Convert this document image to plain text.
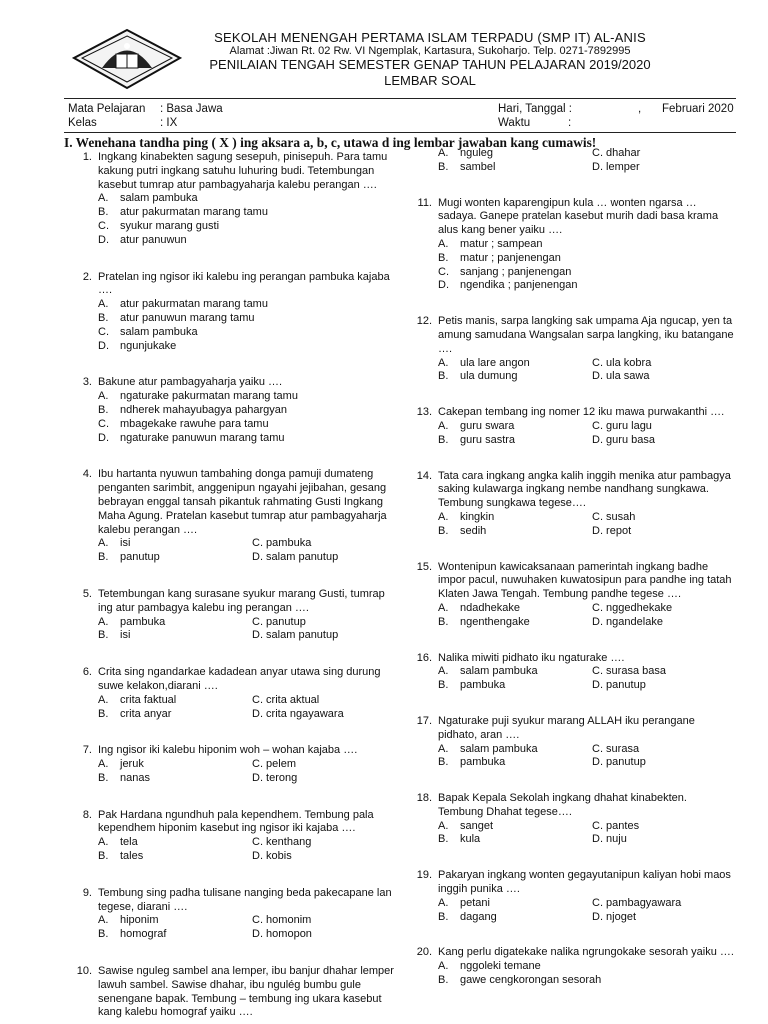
SEKOLAH MENENGAH PERTAMA ISLAM TERPADU (SMP IT) AL-ANIS
Alamat :Jiwan Rt. 02 Rw. VI Ngemplak, Kartasura, Sukoharjo. Telp. 0271-7892995
PENILAIAN TENGAH SEMESTER GENAP TAHUN PELAJARAN 2019/2020
LEMBAR SOAL
Mata Pelajaran : Basa Jawa
Kelas	: IX
Hari, Tanggal :	, Februari 2020
Waktu	:
I. Wenehana tandha ping ( X ) ing aksara a, b, c, utawa d ing lembar jawaban kang cumawis!
1. Ingkang kinabekten sagung sesepuh, pinisepuh. Para tamu kakung putri ingkang satuhu luhuring budi. Tetembungan kasebut tumrap atur pambagyaharja kalebu perangan ….
A.	salam pambuka
B.	atur pakurmatan marang tamu
C.	syukur marang gusti
D.	atur panuwun
2. Pratelan ing ngisor iki kalebu ing perangan pambuka kajaba ….
A.	atur pakurmatan marang tamu
B.	atur panuwun marang tamu
C.	salam pambuka
D.	ngunjukake
3. Bakune atur pambagyaharja yaiku ….
A.	ngaturake pakurmatan marang tamu
B.	ndherek mahayubagya pahargyan
C.	mbagekake rawuhe para tamu
D.	ngaturake panuwun marang tamu
4. Ibu hartanta nyuwun tambahing donga pamuji dumateng penganten sarimbit, anggenipun ngayahi jejibahan, gesang bebrayan enggal tansah pikantuk rahmating Gusti Ingkang Maha Agung. Pratelan kasebut tumrap atur pambagyaharja kalebu perangan ….
A.	isi	C. pambuka
B.	panutup	D. salam panutup
5. Tetembungan kang surasane syukur marang Gusti, tumrap ing atur pambagya kalebu ing perangan ….
A.	pambuka	C. panutup
B.	isi	D. salam panutup
6. Crita sing ngandarkae kadadean anyar utawa sing durung suwe kelakon,diarani ….
A.	crita faktual	C. crita aktual
B.	crita anyar	D. crita ngayawara
7. Ing ngisor iki kalebu hiponim woh – wohan kajaba ….
A.	jeruk	C. pelem
B.	nanas	D. terong
8. Pak Hardana ngundhuh pala kependhem. Tembung pala kependhem hiponim kasebut ing ngisor iki kajaba ….
A.	tela	C. kenthang
B.	tales	D. kobis
9. Tembung sing padha tulisane nanging beda pakecapane lan tegese, diarani ….
A.	hiponim	C. homonim
B.	homograf	D. homopon
10. Sawise nguleg sambel ana lemper, ibu banjur dhahar lemper lawuh sambel. Sawise dhahar, ibu ngulég bumbu gule senengane bapak. Tembung – tembung ing ukara kasebut kang kalebu homograf yaiku ….
A.	nguleg	C. dhahar
B.	sambel	D. lemper
11. Mugi wonten kaparengipun kula … wonten ngarsa … sadaya. Ganepe pratelan kasebut murih dadi basa krama alus kang bener yaiku ….
A.	matur ; sampean
B.	matur ; panjenengan
C.	sanjang ; panjenengan
D.	ngendika ; panjenengan
12. Petis manis, sarpa langking sak umpama Aja ngucap, yen ta amung samudana Wangsalan sarpa langking, iku batangane ….
A.	ula lare angon	C. ula kobra
B.	ula dumung	D. ula sawa
13. Cakepan tembang ing nomer 12 iku mawa purwakanthi ….
A.	guru swara	C. guru lagu
B.	guru sastra	D. guru basa
14. Tata cara ingkang angka kalih inggih menika atur pambagya saking kulawarga ingkang nembe nandhang sungkawa. Tembung sungkawa tegese….
A.	kingkin	C. susah
B.	sedih	D. repot
15. Wontenipun kawicaksanaan pamerintah ingkang badhe impor pacul, nuwuhaken kuwatosipun para pandhe ing tatah Klaten Jawa Tengah. Tembung pandhe tegese ….
A.	ndadhekake	C. nggedhekake
B.	ngenthengake	D. ngandelake
16. Nalika miwiti pidhato iku ngaturake ….
A.	salam pambuka	C. surasa basa
B.	pambuka	D. panutup
17. Ngaturake puji syukur marang ALLAH iku perangane pidhato, aran ….
A.	salam pambuka	C. surasa
B.	pambuka	D. panutup
18. Bapak Kepala Sekolah ingkang dhahat kinabekten. Tembung Dhahat tegese….
A.	sanget	C. pantes
B.	kula	D. nuju
19. Pakaryan ingkang wonten gegayutanipun kaliyan hobi maos inggih punika ….
A.	petani	C. pambagyawara
B.	dagang	D. njoget
20. Kang perlu digatekake nalika ngrungokake sesorah yaiku ….
A.	nggoleki temane
B.	gawe cengkorongan sesorah
